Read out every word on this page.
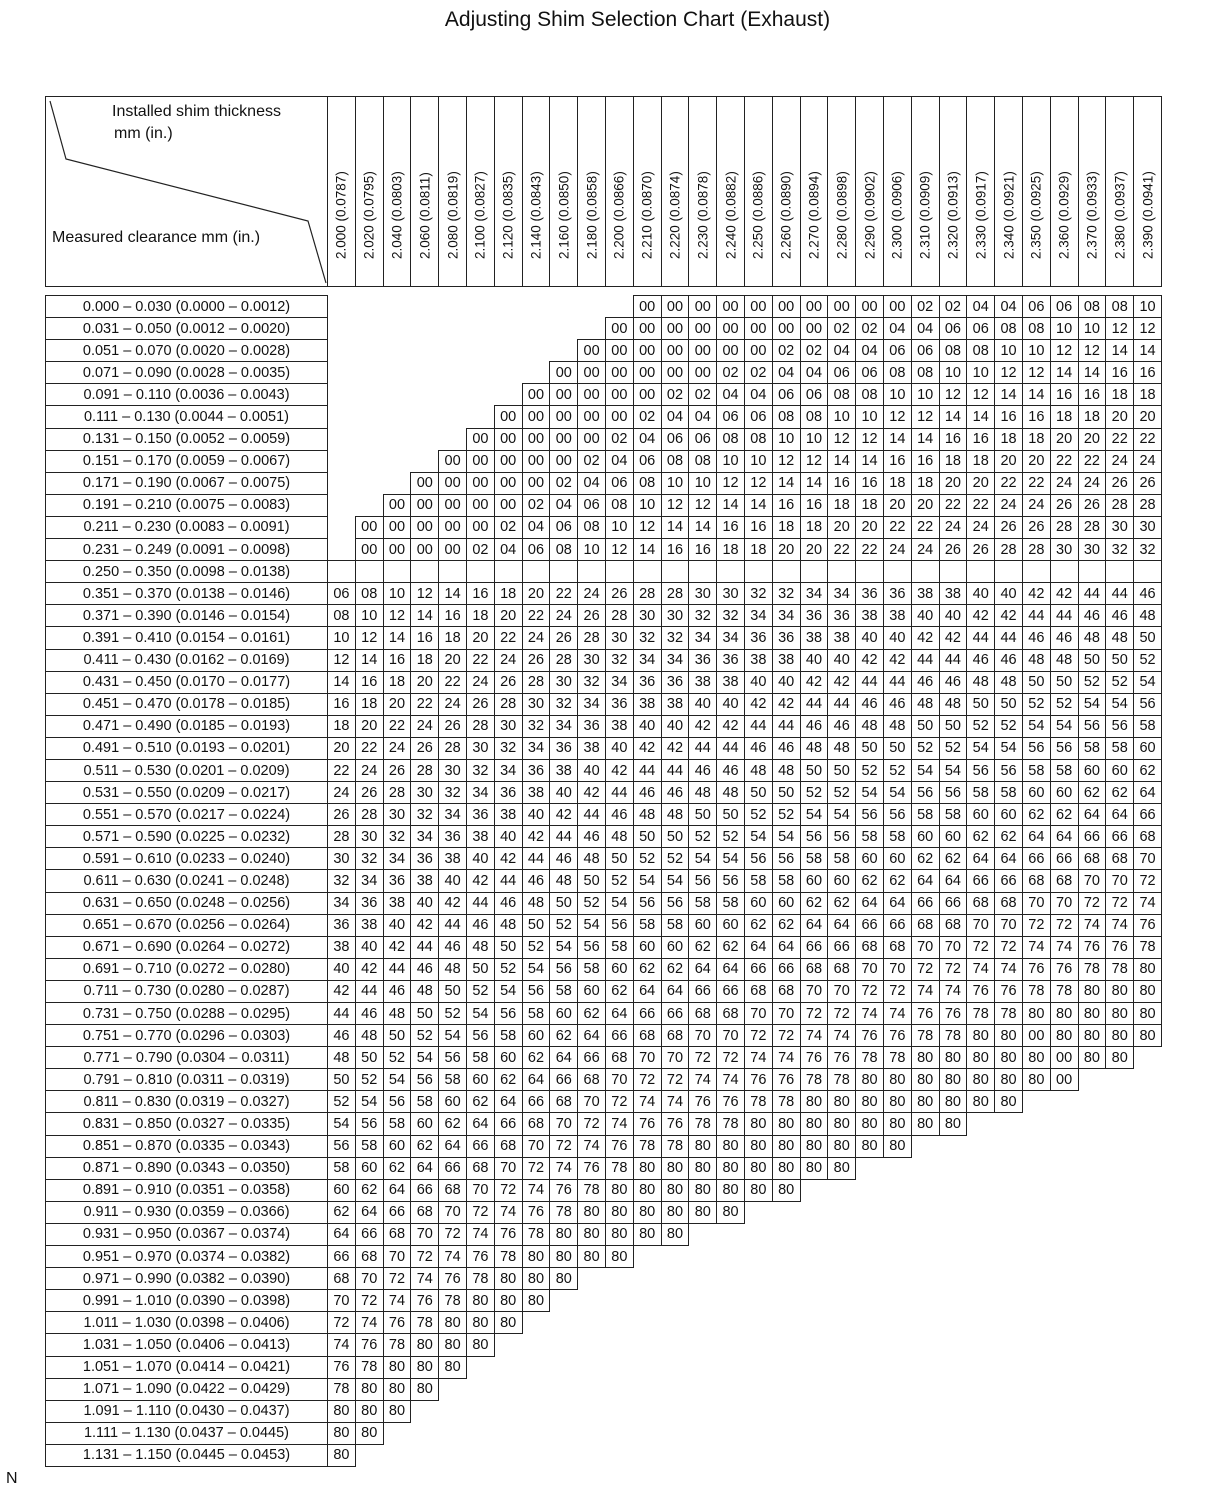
Adjusting Shim Selection Chart (Exhaust)
Installed shim thickness
mm (in.)
Measured clearance mm (in.)	2.000 (0.0787)	2.020 (0.0795)	2.040 (0.0803)	2.060 (0.0811)	2.080 (0.0819)	2.100 (0.0827)	2.120 (0.0835)	2.140 (0.0843)	2.160 (0.0850)	2.180 (0.0858)	2.200 (0.0866)	2.210 (0.0870)	2.220 (0.0874)	2.230 (0.0878)	2.240 (0.0882)	2.250 (0.0886)	2.260 (0.0890)	2.270 (0.0894)	2.280 (0.0898)	2.290 (0.0902)	2.300 (0.0906)	2.310 (0.0909)	2.320 (0.0913)	2.330 (0.0917)	2.340 (0.0921)	2.350 (0.0925)	2.360 (0.0929)	2.370 (0.0933)	2.380 (0.0937)	2.390 (0.0941)

0.000 – 0.030 (0.0000 – 0.0012)												00	00	00	00	00	00	00	00	00	00	02	02	04	04	06	06	08	08	10
0.031 – 0.050 (0.0012 – 0.0020)											00	00	00	00	00	00	00	00	02	02	04	04	06	06	08	08	10	10	12	12
0.051 – 0.070 (0.0020 – 0.0028)										00	00	00	00	00	00	00	02	02	04	04	06	06	08	08	10	10	12	12	14	14
0.071 – 0.090 (0.0028 – 0.0035)									00	00	00	00	00	00	02	02	04	04	06	06	08	08	10	10	12	12	14	14	16	16
0.091 – 0.110 (0.0036 – 0.0043)								00	00	00	00	00	02	02	04	04	06	06	08	08	10	10	12	12	14	14	16	16	18	18
0.111 – 0.130 (0.0044 – 0.0051)							00	00	00	00	00	02	04	04	06	06	08	08	10	10	12	12	14	14	16	16	18	18	20	20
0.131 – 0.150 (0.0052 – 0.0059)						00	00	00	00	00	02	04	06	06	08	08	10	10	12	12	14	14	16	16	18	18	20	20	22	22
0.151 – 0.170 (0.0059 – 0.0067)					00	00	00	00	00	02	04	06	08	08	10	10	12	12	14	14	16	16	18	18	20	20	22	22	24	24
0.171 – 0.190 (0.0067 – 0.0075)				00	00	00	00	00	02	04	06	08	10	10	12	12	14	14	16	16	18	18	20	20	22	22	24	24	26	26
0.191 – 0.210 (0.0075 – 0.0083)			00	00	00	00	00	02	04	06	08	10	12	12	14	14	16	16	18	18	20	20	22	22	24	24	26	26	28	28
0.211 – 0.230 (0.0083 – 0.0091)		00	00	00	00	00	02	04	06	08	10	12	14	14	16	16	18	18	20	20	22	22	24	24	26	26	28	28	30	30
0.231 – 0.249 (0.0091 – 0.0098)		00	00	00	00	02	04	06	08	10	12	14	16	16	18	18	20	20	22	22	24	24	26	26	28	28	30	30	32	32
0.250 – 0.350 (0.0098 – 0.0138)																														
0.351 – 0.370 (0.0138 – 0.0146)	06	08	10	12	14	16	18	20	22	24	26	28	28	30	30	32	32	34	34	36	36	38	38	40	40	42	42	44	44	46
0.371 – 0.390 (0.0146 – 0.0154)	08	10	12	14	16	18	20	22	24	26	28	30	30	32	32	34	34	36	36	38	38	40	40	42	42	44	44	46	46	48
0.391 – 0.410 (0.0154 – 0.0161)	10	12	14	16	18	20	22	24	26	28	30	32	32	34	34	36	36	38	38	40	40	42	42	44	44	46	46	48	48	50
0.411 – 0.430 (0.0162 – 0.0169)	12	14	16	18	20	22	24	26	28	30	32	34	34	36	36	38	38	40	40	42	42	44	44	46	46	48	48	50	50	52
0.431 – 0.450 (0.0170 – 0.0177)	14	16	18	20	22	24	26	28	30	32	34	36	36	38	38	40	40	42	42	44	44	46	46	48	48	50	50	52	52	54
0.451 – 0.470 (0.0178 – 0.0185)	16	18	20	22	24	26	28	30	32	34	36	38	38	40	40	42	42	44	44	46	46	48	48	50	50	52	52	54	54	56
0.471 – 0.490 (0.0185 – 0.0193)	18	20	22	24	26	28	30	32	34	36	38	40	40	42	42	44	44	46	46	48	48	50	50	52	52	54	54	56	56	58
0.491 – 0.510 (0.0193 – 0.0201)	20	22	24	26	28	30	32	34	36	38	40	42	42	44	44	46	46	48	48	50	50	52	52	54	54	56	56	58	58	60
0.511 – 0.530 (0.0201 – 0.0209)	22	24	26	28	30	32	34	36	38	40	42	44	44	46	46	48	48	50	50	52	52	54	54	56	56	58	58	60	60	62
0.531 – 0.550 (0.0209 – 0.0217)	24	26	28	30	32	34	36	38	40	42	44	46	46	48	48	50	50	52	52	54	54	56	56	58	58	60	60	62	62	64
0.551 – 0.570 (0.0217 – 0.0224)	26	28	30	32	34	36	38	40	42	44	46	48	48	50	50	52	52	54	54	56	56	58	58	60	60	62	62	64	64	66
0.571 – 0.590 (0.0225 – 0.0232)	28	30	32	34	36	38	40	42	44	46	48	50	50	52	52	54	54	56	56	58	58	60	60	62	62	64	64	66	66	68
0.591 – 0.610 (0.0233 – 0.0240)	30	32	34	36	38	40	42	44	46	48	50	52	52	54	54	56	56	58	58	60	60	62	62	64	64	66	66	68	68	70
0.611 – 0.630 (0.0241 – 0.0248)	32	34	36	38	40	42	44	46	48	50	52	54	54	56	56	58	58	60	60	62	62	64	64	66	66	68	68	70	70	72
0.631 – 0.650 (0.0248 – 0.0256)	34	36	38	40	42	44	46	48	50	52	54	56	56	58	58	60	60	62	62	64	64	66	66	68	68	70	70	72	72	74
0.651 – 0.670 (0.0256 – 0.0264)	36	38	40	42	44	46	48	50	52	54	56	58	58	60	60	62	62	64	64	66	66	68	68	70	70	72	72	74	74	76
0.671 – 0.690 (0.0264 – 0.0272)	38	40	42	44	46	48	50	52	54	56	58	60	60	62	62	64	64	66	66	68	68	70	70	72	72	74	74	76	76	78
0.691 – 0.710 (0.0272 – 0.0280)	40	42	44	46	48	50	52	54	56	58	60	62	62	64	64	66	66	68	68	70	70	72	72	74	74	76	76	78	78	80
0.711 – 0.730 (0.0280 – 0.0287)	42	44	46	48	50	52	54	56	58	60	62	64	64	66	66	68	68	70	70	72	72	74	74	76	76	78	78	80	80	80
0.731 – 0.750 (0.0288 – 0.0295)	44	46	48	50	52	54	56	58	60	62	64	66	66	68	68	70	70	72	72	74	74	76	76	78	78	80	80	80	80	80
0.751 – 0.770 (0.0296 – 0.0303)	46	48	50	52	54	56	58	60	62	64	66	68	68	70	70	72	72	74	74	76	76	78	78	80	80	00	80	80	80	80
0.771 – 0.790 (0.0304 – 0.0311)	48	50	52	54	56	58	60	62	64	66	68	70	70	72	72	74	74	76	76	78	78	80	80	80	80	80	00	80	80	
0.791 – 0.810 (0.0311 – 0.0319)	50	52	54	56	58	60	62	64	66	68	70	72	72	74	74	76	76	78	78	80	80	80	80	80	80	80	00			
0.811 – 0.830 (0.0319 – 0.0327)	52	54	56	58	60	62	64	66	68	70	72	74	74	76	76	78	78	80	80	80	80	80	80	80	80					
0.831 – 0.850 (0.0327 – 0.0335)	54	56	58	60	62	64	66	68	70	72	74	76	76	78	78	80	80	80	80	80	80	80	80							
0.851 – 0.870 (0.0335 – 0.0343)	56	58	60	62	64	66	68	70	72	74	76	78	78	80	80	80	80	80	80	80	80									
0.871 – 0.890 (0.0343 – 0.0350)	58	60	62	64	66	68	70	72	74	76	78	80	80	80	80	80	80	80	80											
0.891 – 0.910 (0.0351 – 0.0358)	60	62	64	66	68	70	72	74	76	78	80	80	80	80	80	80	80													
0.911 – 0.930 (0.0359 – 0.0366)	62	64	66	68	70	72	74	76	78	80	80	80	80	80	80															
0.931 – 0.950 (0.0367 – 0.0374)	64	66	68	70	72	74	76	78	80	80	80	80	80																	
0.951 – 0.970 (0.0374 – 0.0382)	66	68	70	72	74	76	78	80	80	80	80																			
0.971 – 0.990 (0.0382 – 0.0390)	68	70	72	74	76	78	80	80	80																					
0.991 – 1.010 (0.0390 – 0.0398)	70	72	74	76	78	80	80	80																						
1.011 – 1.030 (0.0398 – 0.0406)	72	74	76	78	80	80	80																							
1.031 – 1.050 (0.0406 – 0.0413)	74	76	78	80	80	80																								
1.051 – 1.070 (0.0414 – 0.0421)	76	78	80	80	80																									
1.071 – 1.090 (0.0422 – 0.0429)	78	80	80	80																										
1.091 – 1.110 (0.0430 – 0.0437)	80	80	80																											
1.111 – 1.130 (0.0437 – 0.0445)	80	80																												
1.131 – 1.150 (0.0445 – 0.0453)	80																													
N
